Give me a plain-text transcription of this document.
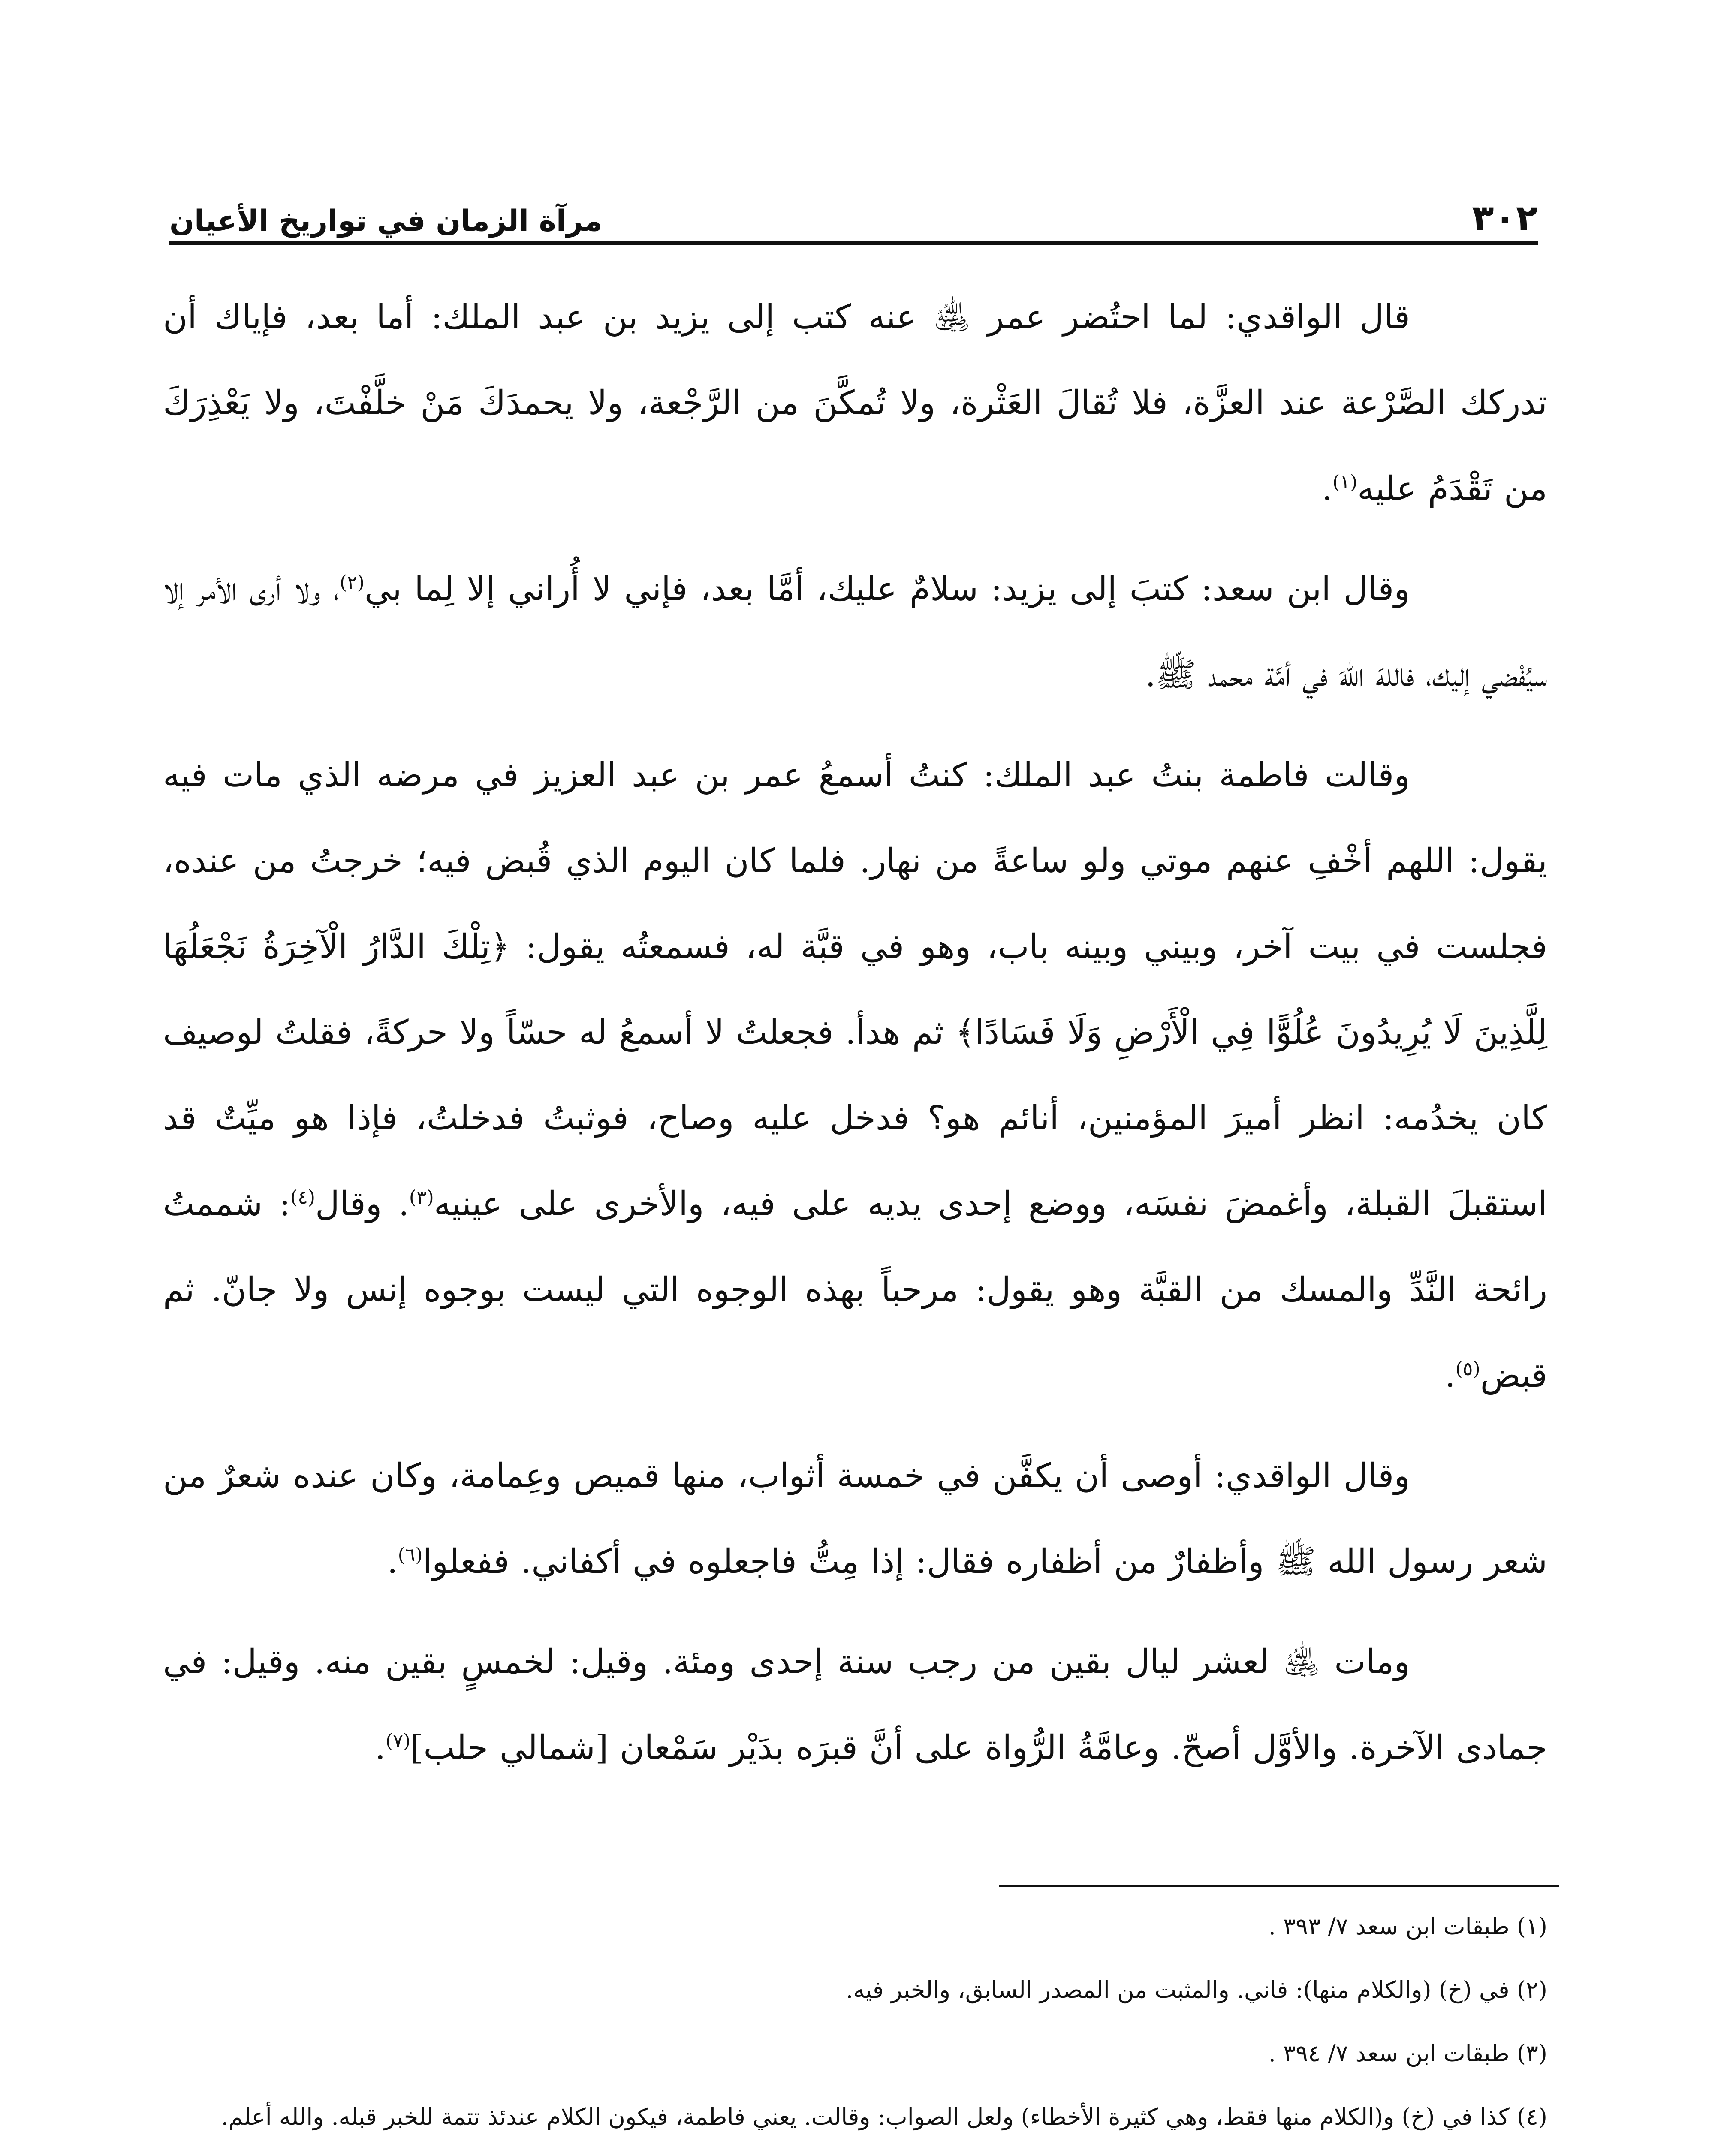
٣٠٢
مرآة الزمان في تواريخ الأعيان

قال الواقدي: لما احتُضر عمر ﵁ عنه كتب إلى يزيد بن عبد الملك: أما بعد، فإياك أن تدركك الصَّرْعة عند العزَّة، فلا تُقالَ العَثْرة، ولا تُمكَّنَ من الرَّجْعة، ولا يحمدَكَ مَنْ خلَّفْتَ، ولا يَعْذِرَكَ من تَقْدَمُ عليه$^{(١)}$.

وقال ابن سعد: كتبَ إلى يزيد: سلامٌ عليك، أمَّا بعد، فإني لا أُراني إلا لِما بي$^{(٢)}$، ولا أرى الأمر إلا سيُفْضي إليك، فاللهَ اللهَ في أمَّة محمد ﷺ.

وقالت فاطمة بنتُ عبد الملك: كنتُ أسمعُ عمر بن عبد العزيز في مرضه الذي مات فيه يقول: اللهم أخْفِ عنهم موتي ولو ساعةً من نهار. فلما كان اليوم الذي قُبض فيه؛ خرجتُ من عنده، فجلست في بيت آخر، وبيني وبينه باب، وهو في قبَّة له، فسمعتُه يقول: ﴿تِلْكَ الدَّارُ الْآخِرَةُ نَجْعَلُهَا لِلَّذِينَ لَا يُرِيدُونَ عُلُوًّا فِي الْأَرْضِ وَلَا فَسَادًا﴾ ثم هدأ. فجعلتُ لا أسمعُ له حسّاً ولا حركةً، فقلتُ لوصيف كان يخدُمه: انظر أميرَ المؤمنين، أنائم هو؟ فدخل عليه وصاح، فوثبتُ فدخلتُ، فإذا هو ميِّتٌ قد استقبلَ القبلة، وأغمضَ نفسَه، ووضع إحدى يديه على فيه، والأخرى على عينيه$^{(٣)}$. وقال$^{(٤)}$: شممتُ رائحة النَّدِّ والمسك من القبَّة وهو يقول: مرحباً بهذه الوجوه التي ليست بوجوه إنس ولا جانّ. ثم قبض$^{(٥)}$.

وقال الواقدي: أوصى أن يكفَّن في خمسة أثواب، منها قميص وعِمامة، وكان عنده شعرٌ من شعر رسول الله ﷺ وأظفارٌ من أظفاره فقال: إذا مِتُّ فاجعلوه في أكفاني. ففعلوا$^{(٦)}$.

ومات ﵁ لعشر ليال بقين من رجب سنة إحدى ومئة. وقيل: لخمسٍ بقين منه. وقيل: في جمادى الآخرة. والأوَّل أصحّ. وعامَّةُ الرُّواة على أنَّ قبرَه بدَيْر سَمْعان [شمالي حلب]$^{(٧)}$.

(١) طبقات ابن سعد ٧/ ٣٩٣ .

(٢) في (خ) (والكلام منها): فاني. والمثبت من المصدر السابق، والخبر فيه.

(٣) طبقات ابن سعد ٧/ ٣٩٤ .

(٤) كذا في (خ) و(الكلام منها فقط، وهي كثيرة الأخطاء) ولعل الصواب: وقالت. يعني فاطمة، فيكون الكلام عندئذ تتمة للخبر قبله. والله أعلم.
